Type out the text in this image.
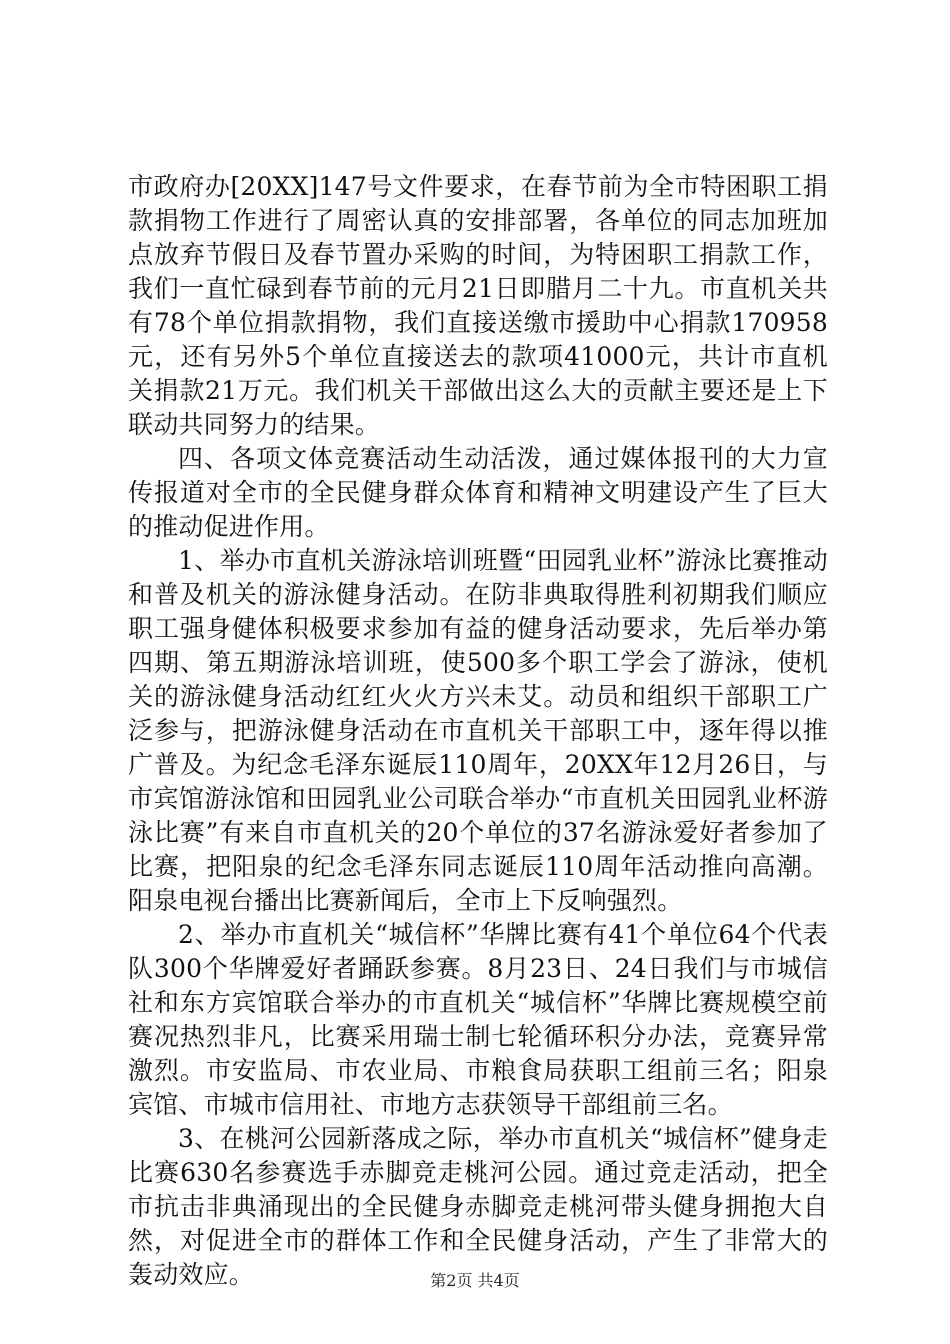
市政府办[20XX]147号文件要求，在春节前为全市特困职工捐款捐物工作进行了周密认真的安排部署，各单位的同志加班加点放弃节假日及春节置办采购的时间，为特困职工捐款工作，我们一直忙碌到春节前的元月21日即腊月二十九。市直机关共有78个单位捐款捐物，我们直接送缴市援助中心捐款170958元，还有另外5个单位直接送去的款项41000元，共计市直机关捐款21万元。我们机关干部做出这么大的贡献主要还是上下联动共同努力的结果。

四、各项文体竞赛活动生动活泼，通过媒体报刊的大力宣传报道对全市的全民健身群众体育和精神文明建设产生了巨大的推动促进作用。

1、举办市直机关游泳培训班暨“田园乳业杯”游泳比赛推动和普及机关的游泳健身活动。在防非典取得胜利初期我们顺应职工强身健体积极要求参加有益的健身活动要求，先后举办第四期、第五期游泳培训班，使500多个职工学会了游泳，使机关的游泳健身活动红红火火方兴未艾。动员和组织干部职工广泛参与，把游泳健身活动在市直机关干部职工中，逐年得以推广普及。为纪念毛泽东诞辰110周年，20XX年12月26日，与市宾馆游泳馆和田园乳业公司联合举办“市直机关田园乳业杯游泳比赛”有来自市直机关的20个单位的37名游泳爱好者参加了比赛，把阳泉的纪念毛泽东同志诞辰110周年活动推向高潮。阳泉电视台播出比赛新闻后，全市上下反响强烈。

2、举办市直机关“城信杯”华牌比赛有41个单位64个代表队300个华牌爱好者踊跃参赛。8月23日、24日我们与市城信社和东方宾馆联合举办的市直机关“城信杯”华牌比赛规模空前赛况热烈非凡，比赛采用瑞士制七轮循环积分办法，竞赛异常激烈。市安监局、市农业局、市粮食局获职工组前三名；阳泉宾馆、市城市信用社、市地方志获领导干部组前三名。

3、在桃河公园新落成之际，举办市直机关“城信杯”健身走比赛630名参赛选手赤脚竞走桃河公园。通过竞走活动，把全市抗击非典涌现出的全民健身赤脚竞走桃河带头健身拥抱大自然，对促进全市的群体工作和全民健身活动，产生了非常大的轰动效应。	第2页 共4页
